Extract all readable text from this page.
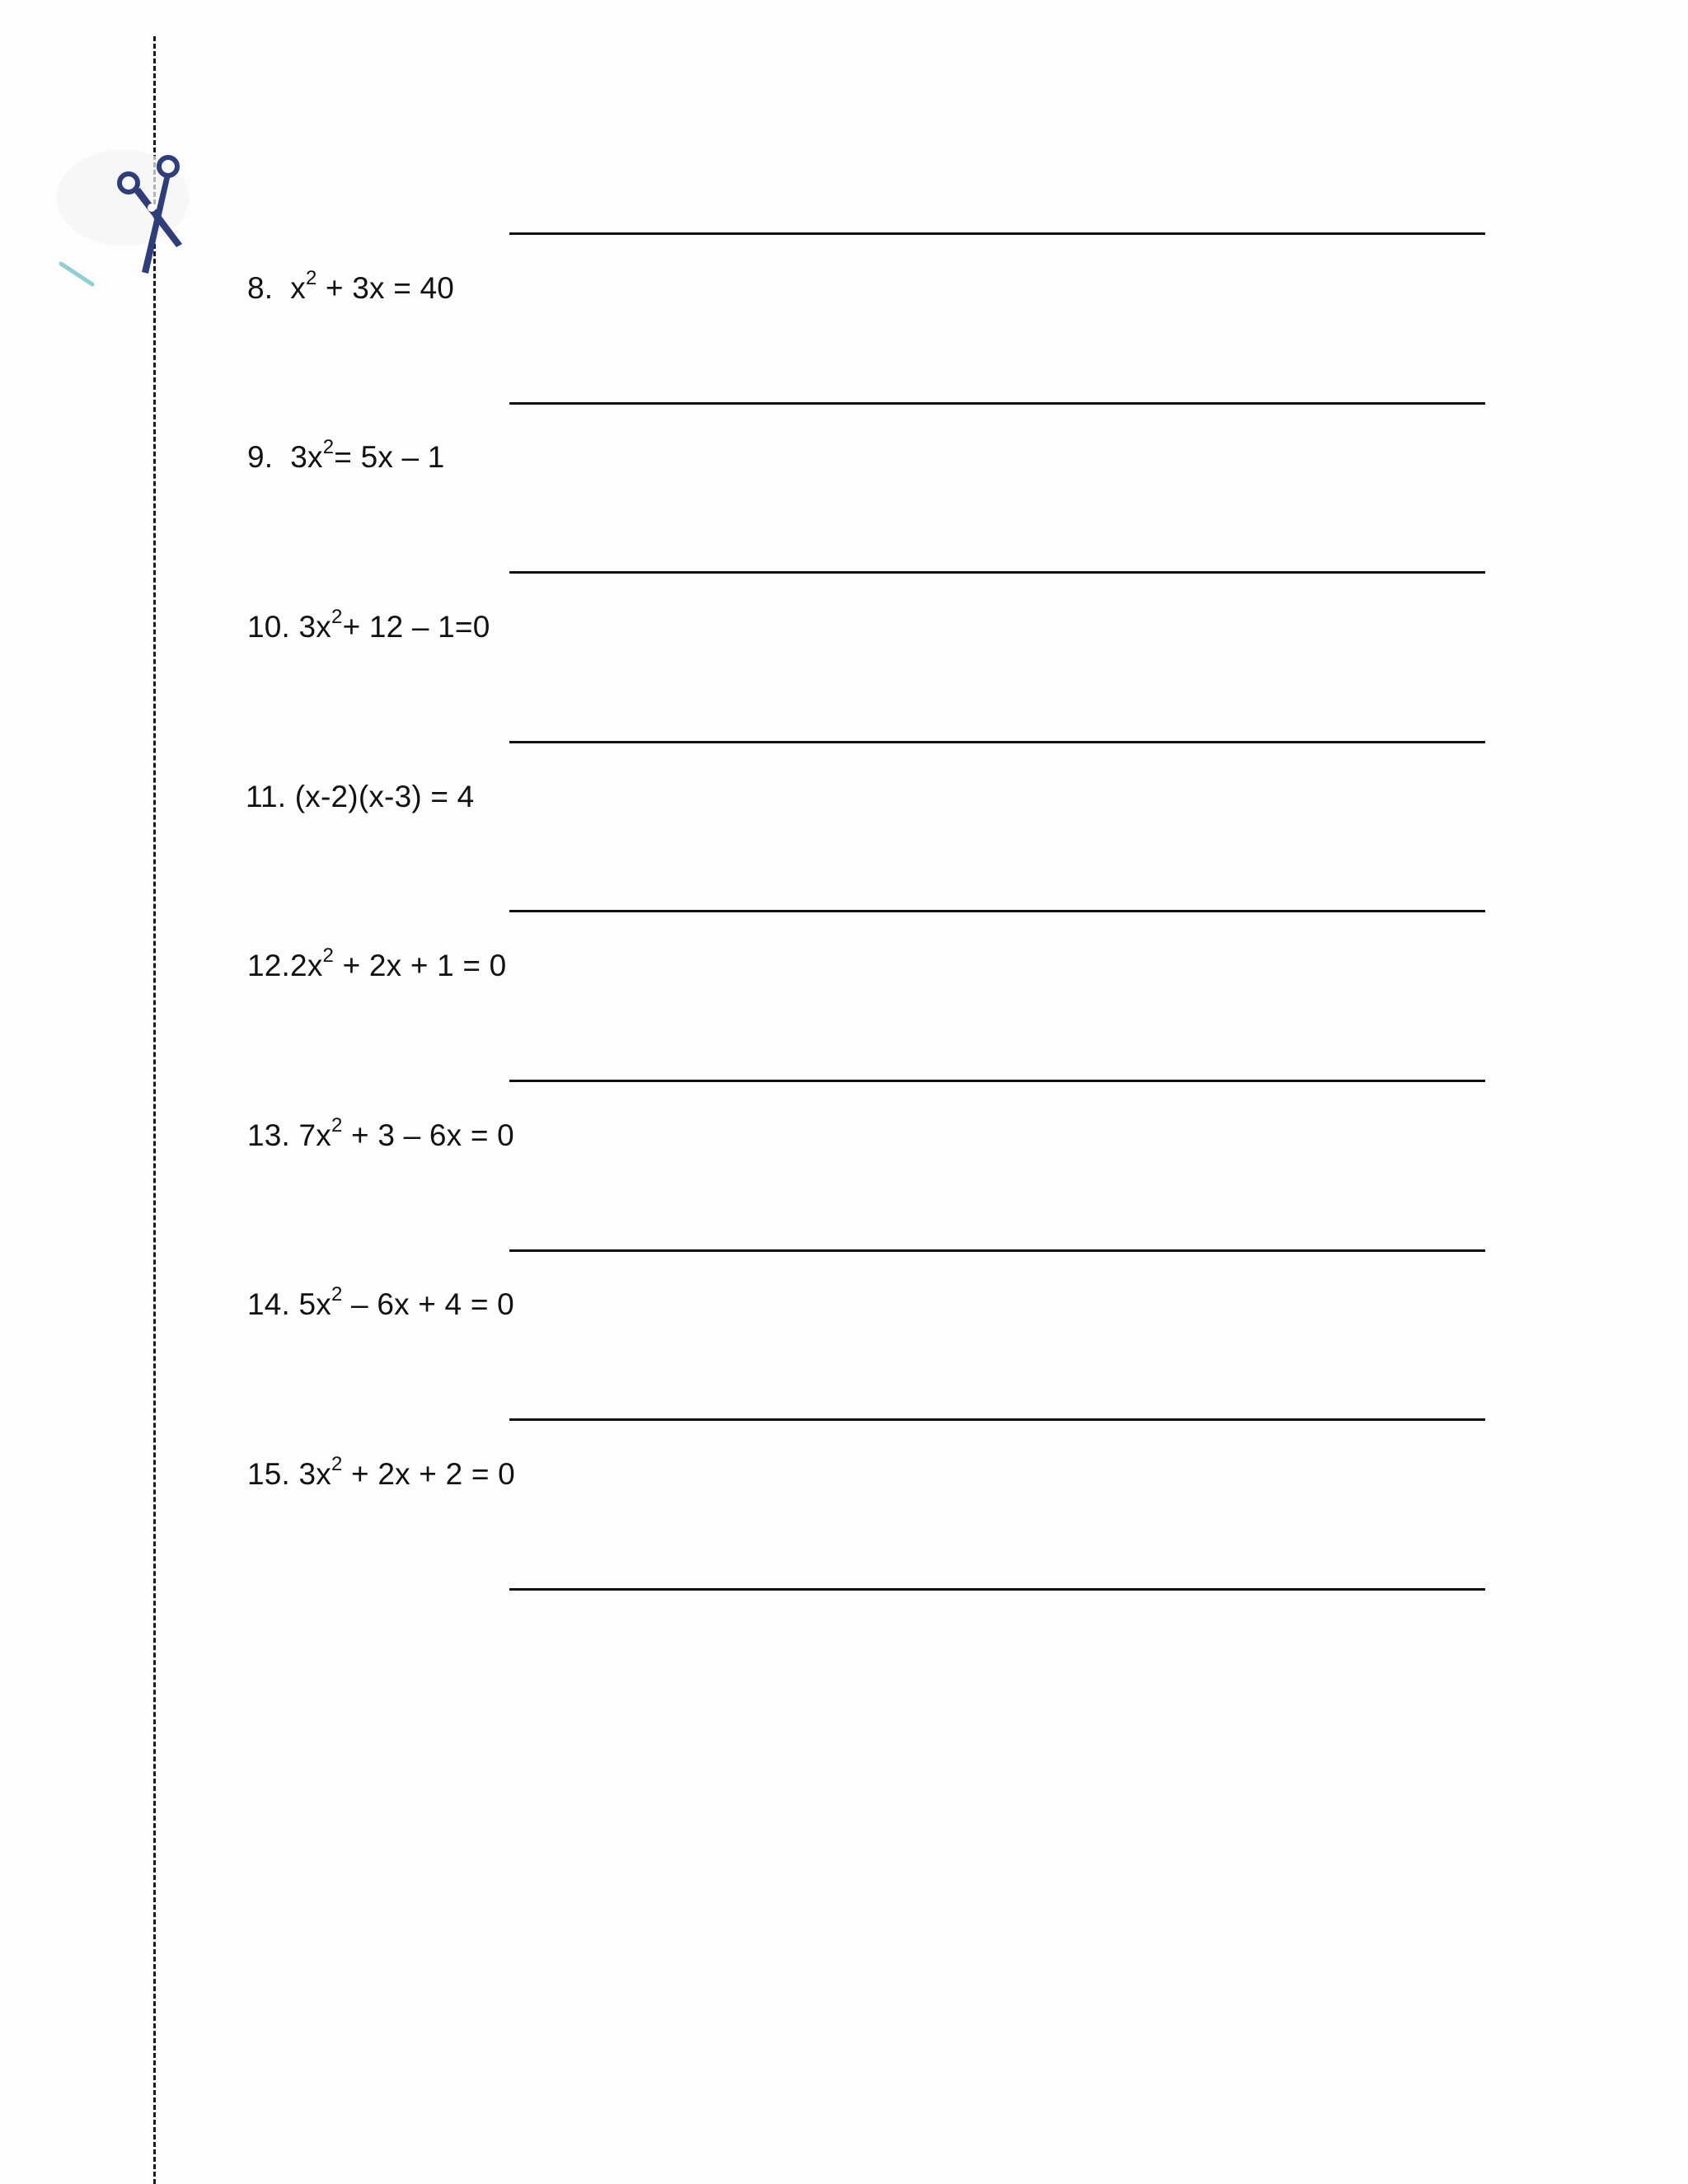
8. $x^2 + 3x = 40$
9. $3x^2= 5x - 1$
10. $3x^2+ 12 - 1=0$
11. (x-2)(x-3) = 4
$12.2x^2 + 2x + 1 = 0$
13. $7x^2 + 3 - 6x = 0$
14. $5x^2 - 6x + 4 = 0$
15. $3x^2 + 2x + 2 = 0$
